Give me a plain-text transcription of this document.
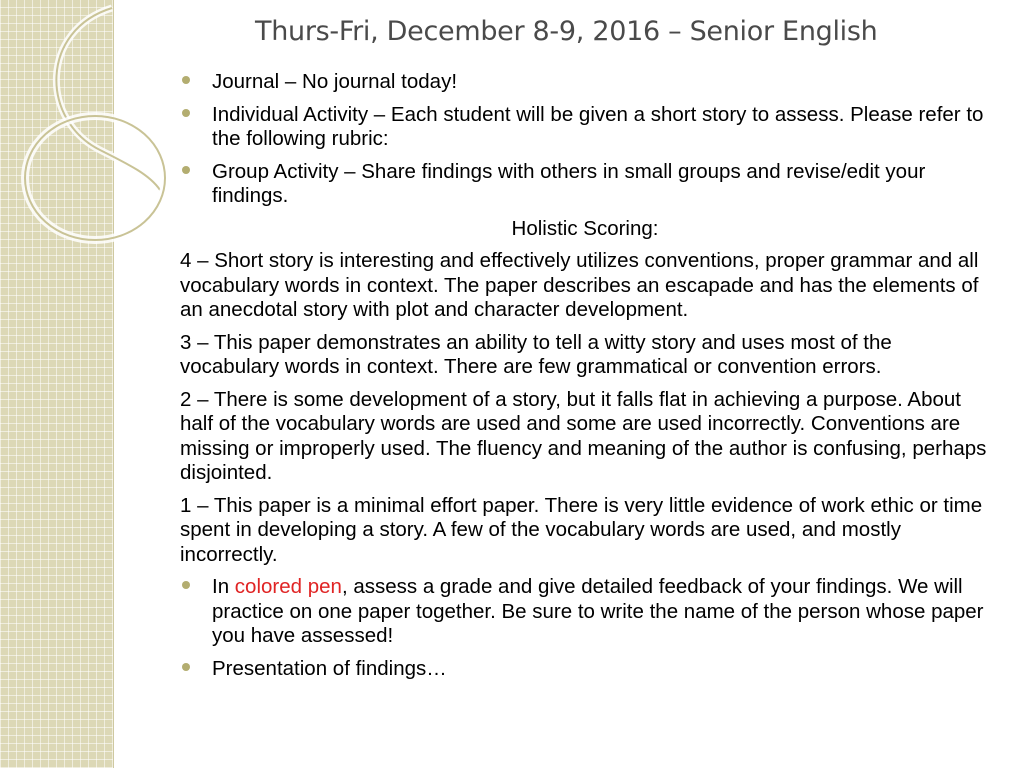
Thurs-Fri, December 8-9, 2016 – Senior English
Journal – No journal today!
Individual Activity – Each student will be given a short story to assess. Please refer to the following rubric:
Group Activity – Share findings with others in small groups and revise/edit your findings.
Holistic Scoring:
4 – Short story is interesting and effectively utilizes conventions, proper grammar and all vocabulary words in context. The paper describes an escapade and has the elements of an anecdotal story with plot and character development.
3 – This paper demonstrates an ability to tell a witty story and uses most of the vocabulary words in context. There are few grammatical or convention errors.
2 – There is some development of a story, but it falls flat in achieving a purpose. About half of the vocabulary words are used and some are used incorrectly. Conventions are missing or improperly used. The fluency and meaning of the author is confusing, perhaps disjointed.
1 – This paper is a minimal effort paper. There is very little evidence of work ethic or time spent in developing a story. A few of the vocabulary words are used, and mostly incorrectly.
In colored pen, assess a grade and give detailed feedback of your findings. We will practice on one paper together. Be sure to write the name of the person whose paper you have assessed!
Presentation of findings…
